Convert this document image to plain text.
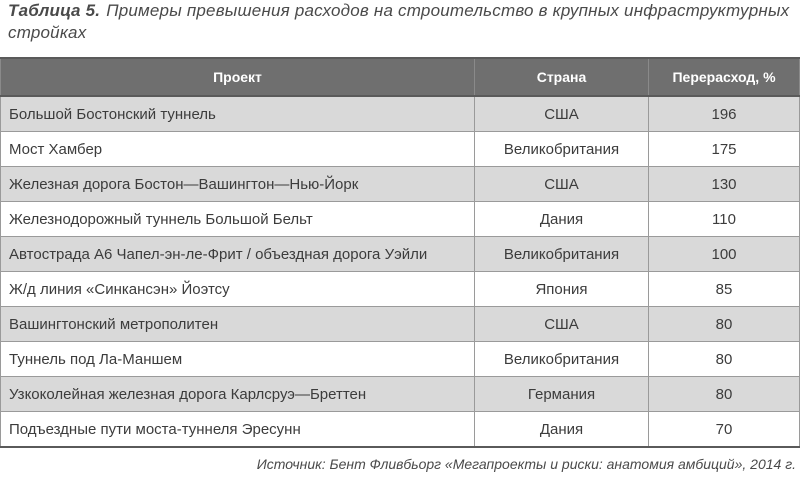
Таблица 5. Примеры превышения расходов на строительство в крупных инфраструктурных стройках
Проект	Страна	Перерасход, %
Большой Бостонский туннель	США	196
Мост Хамбер	Великобритания	175
Железная дорога Бостон—Вашингтон—Нью-Йорк	США	130
Железнодорожный туннель Большой Бельт	Дания	110
Автострада А6 Чапел-эн-ле-Фрит / объездная дорога Уэйли	Великобритания	100
Ж/д линия «Синкансэн» Йоэтсу	Япония	85
Вашингтонский метрополитен	США	80
Туннель под Ла-Маншем	Великобритания	80
Узкоколейная железная дорога Карлсруэ—Бреттен	Германия	80
Подъездные пути моста-туннеля Эресунн	Дания	70
Источник: Бент Фливбьорг «Мегапроекты и риски: анатомия амбиций», 2014 г.
